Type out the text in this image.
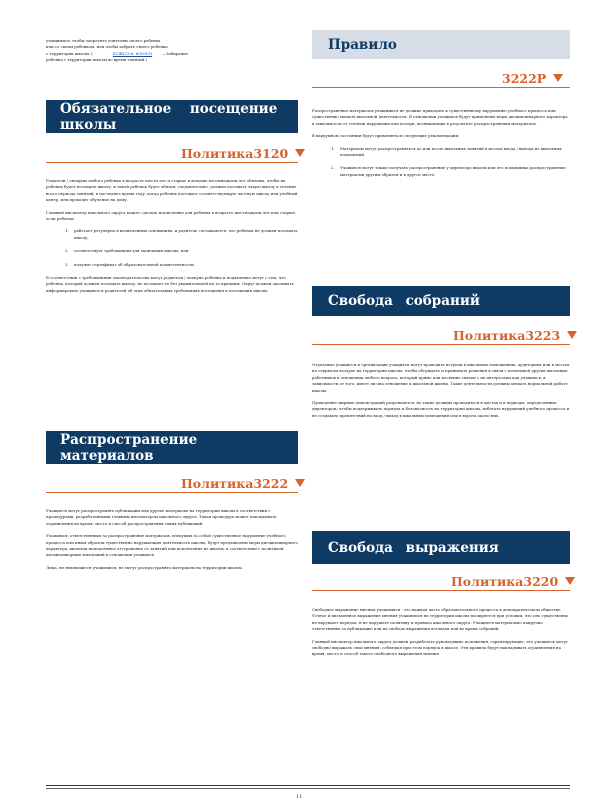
учащимися, чтобы запретить учителям своего ребенка

или со своим ребенком, или чтобы забрать своего ребенка

с территории школы. (	ЕСЖ(23-6, 601010)	—Забирание

ребенка с территории школы во время занятий.)

Обязательное посещение школы
Политика3120

Родители / опекуны любого ребенка в возрасте шести лет и старше и младше восемнадцати лет обязаны, чтобы их ребенок будет посещать школу, и такой ребенок будет обязан, следовательно, должен посещать такую школу в течение всего периода занятий, в последнее время году, когда ребенок посещает соответствующую частную школу или учебный центр, или проходит обучение на дому.

Главный инспектор школьного округа может сделать исключение для ребенка в возрасте шестнадцати лет или старше, если ребенок:

1. работает регулярно в назначенных основаниях, и родитель соглашаются, что ребенок не должен посещать школу,
2. соответствует требованиям для окончания школы, или
3. получит сертификат об образовательной компетентности.

В соответствии с требованиями законодательства могут родителя / опекуна ребенка и подавление могут с тем, что ребенок, который должен посещать школу, не посещает ее без уважительной на то причины. Округ должен оказывать информировать учащихся и родителей об этих обязательных требованиях посещения и посещения школы.

Распространение материалов
Политика3222

Учащиеся могут распространять публикации или другие материалы на территории школы в соответствии с процедурами, разработанными главным инспектором школьного округа. Такая процедура может накладывать ограничения на время, место и способ распространения таких публикаций.

Учащимся, ответственным за распространение материалов, влекущих за собой существенное нарушение учебного процесса или иным образом существенно нарушающих деятельность школы, будут предъявлены меры дисциплинарного характера, включая немедленное отстранение от занятий или исключение из школы, в соответствии с политикой дисциплинарных взысканий в отношении учащихся.

Лица, не являющиеся учащимися, не могут распространять материалы на территории школы.

Правило
3222Р

Распространение материалов учащимися не должно приводить к существенному нарушению учебного процесса или существенно мешать школьной деятельности. В отношении учащихся будут применены меры дисциплинарного характера в зависимости от степени нарушения или потери, возникающих в результате распространения материалов.

В вакуумном состоянии будут применяться следующие рекомендации:

1. Материалы могут распространяться до или после школьных занятий в местах входа / выхода из школьных помещений.
2. Учащиеся могут также получать распространение у директора школы или его помощника распространение материалов другим образом и в другое место.
Свобода собраний
Политика3223

Отдельные учащиеся и организации учащихся могут проводить встречи в школьных помещениях, аудиториях или в местах на открытом воздухе на территории школы, чтобы обсуждать и принимать решения в связи с политикой других школьных работников в отношении любого вопроса, который прямо или косвенно связан с их интересами как учащихся, в зависимости от того, имеет ли она отношение к школьной жизни. Такие деятельности должны мешать нормальной работе школы.

Проведение мирных демонстраций разрешаются, но такие должны проводиться в местах и в периоды, определенных директором, чтобы поддерживать порядок и безопасность на территории школы, избегать нарушений учебного процесса и не создавать препятствий на вход / выход в школьных помещений или в ворота около них.

Свобода выражения
Политика3220

Свободное выражение мнения учащимися - это важная часть образовательного процесса в демократическом обществе. Устное и письменное выражение мнения учащимися на территории школы поощряется при условии, что оно существенно не нарушает порядок, и не нарушает политику и правила школьного округа. Учащиеся материально наиручно ответственны за публикацию или на свободе выражения взглядов или во время собраний.

Главный инспектор школьного округа должен разработать руководящие положения, гарантирующие, что учащиеся могут свободно выражать свои мнения, соблюдая при этом порядок в школе. Эти правила будут накладывать ограничения на время, место и способ такого свободного выражения мнения.

11
